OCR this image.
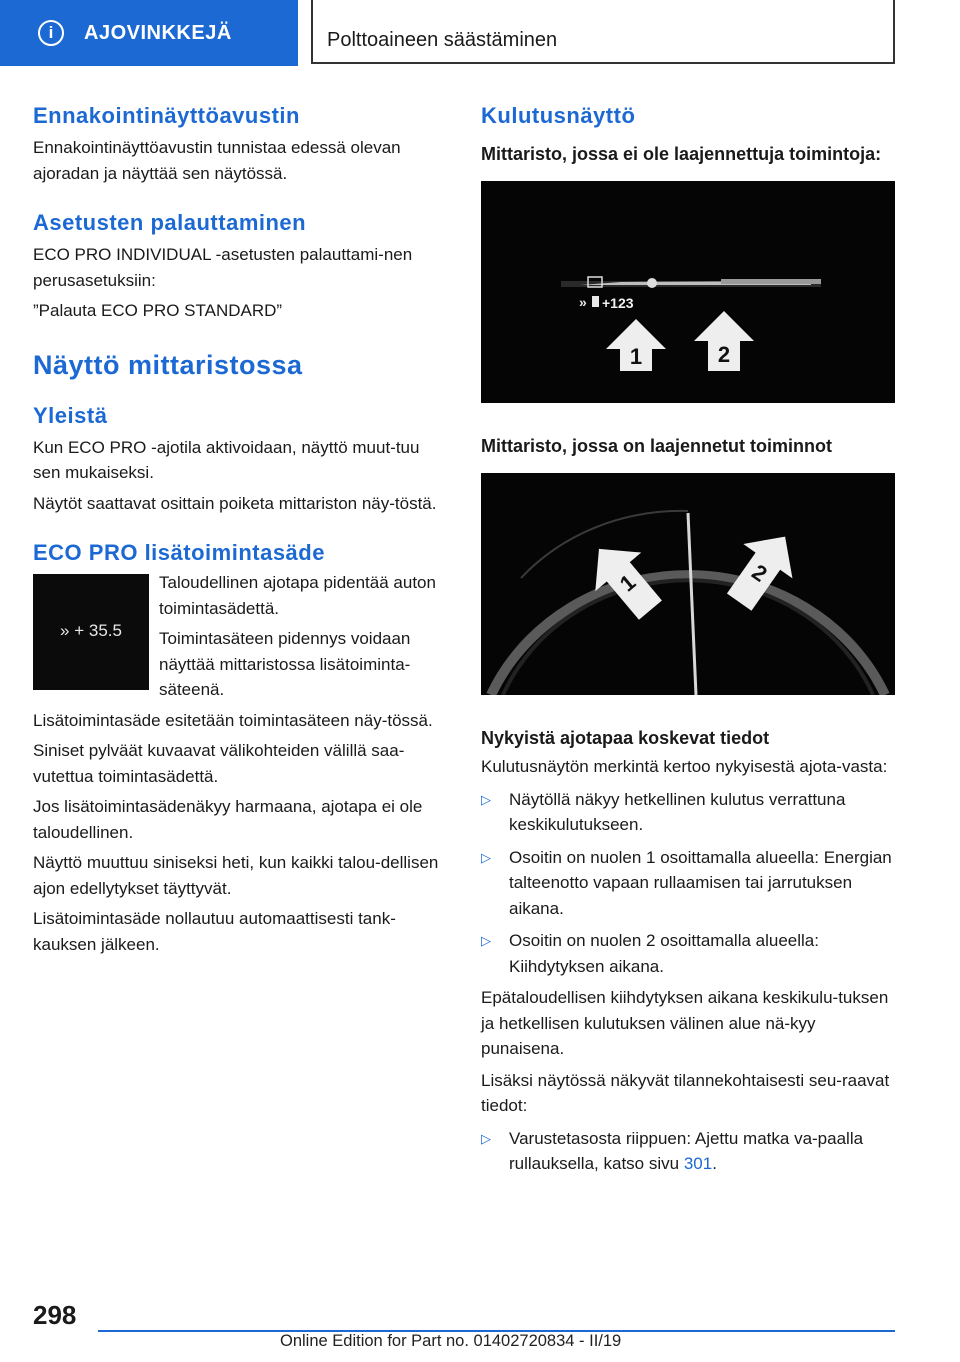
i	AJOVINKKEJÄ	Polttoaineen säästäminen
Ennakointinäyttöavustin

Ennakointinäyttöavustin tunnistaa edessä olevan ajoradan ja näyttää sen näytössä.

Asetusten palauttaminen

ECO PRO INDIVIDUAL -asetusten palauttami-nen perusasetuksiin:

”Palauta ECO PRO STANDARD”

Näyttö mittaristossa
Yleistä

Kun ECO PRO -ajotila aktivoidaan, näyttö muut-tuu sen mukaiseksi.

Näytöt saattavat osittain poiketa mittariston näy-töstä.

ECO PRO lisätoimintasäde
» + 35.5

Taloudellinen ajotapa pidentää auton toimintasädettä.

Toimintasäteen pidennys voidaan näyttää mittaristossa lisätoiminta-säteenä.

Lisätoimintasäde esitetään toimintasäteen näy-tössä.

Siniset pylväät kuvaavat välikohteiden välillä saa-vutettua toimintasädettä.

Jos lisätoimintasädenäkyy harmaana, ajotapa ei ole taloudellinen.

Näyttö muuttuu siniseksi heti, kun kaikki talou-dellisen ajon edellytykset täyttyvät.

Lisätoimintasäde nollautuu automaattisesti tank-kauksen jälkeen.

Kulutusnäyttö
Mittaristo, jossa ei ole laajennettuja toimintoja:
» +123
1	2
Mittaristo, jossa on laajennetut toiminnot
1	2
Nykyistä ajotapaa koskevat tiedot

Kulutusnäytön merkintä kertoo nykyisestä ajota-vasta:

▷ Näytöllä näkyy hetkellinen kulutus verrattuna keskikulutukseen.
▷ Osoitin on nuolen 1 osoittamalla alueella: Energian talteenotto vapaan rullaamisen tai jarrutuksen aikana.
▷ Osoitin on nuolen 2 osoittamalla alueella: Kiihdytyksen aikana.

Epätaloudellisen kiihdytyksen aikana keskikulu-tuksen ja hetkellisen kulutuksen välinen alue nä-kyy punaisena.

Lisäksi näytössä näkyvät tilannekohtaisesti seu-raavat tiedot:

▷ Varustetasosta riippuen: Ajettu matka va-paalla rullauksella, katso sivu 301.
298
Online Edition for Part no. 01402720834 - II/19
